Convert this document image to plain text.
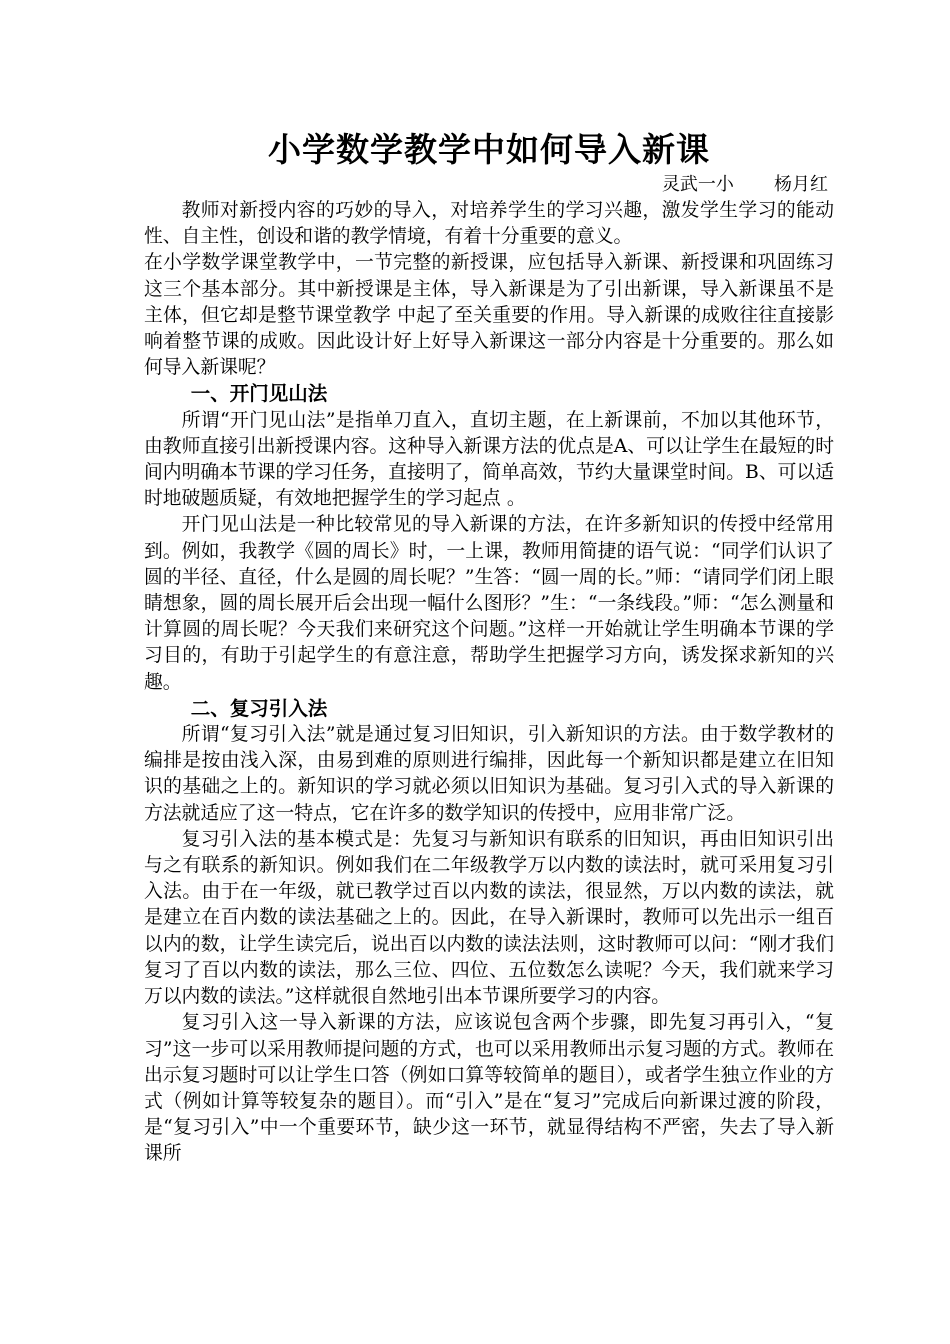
小学数学教学中如何导入新课
灵武一小       杨月红

教师对新授内容的巧妙的导入，对培养学生的学习兴趣，激发学生学习的能动性、自主性，创设和谐的教学情境，有着十分重要的意义。

在小学数学课堂教学中，一节完整的新授课，应包括导入新课、新授课和巩固练习这三个基本部分。其中新授课是主体，导入新课是为了引出新课，导入新课虽不是主体，但它却是整节课堂教学 中起了至关重要的作用。导入新课的成败往往直接影响着整节课的成败。因此设计好上好导入新课这一部分内容是十分重要的。那么如何导入新课呢？

一、开门见山法

所谓“开门见山法”是指单刀直入，直切主题，在上新课前，不加以其他环节，由教师直接引出新授课内容。这种导入新课方法的优点是A、可以让学生在最短的时间内明确本节课的学习任务，直接明了，简单高效，节约大量课堂时间。B、可以适时地破题质疑，有效地把握学生的学习起点 。

开门见山法是一种比较常见的导入新课的方法，在许多新知识的传授中经常用到。例如，我教学《圆的周长》时，一上课，教师用简捷的语气说：“同学们认识了圆的半径、直径，什么是圆的周长呢？”生答：“圆一周的长。”师：“请同学们闭上眼睛想象，圆的周长展开后会出现一幅什么图形？”生：“一条线段。”师：“怎么测量和计算圆的周长呢？今天我们来研究这个问题。”这样一开始就让学生明确本节课的学习目的，有助于引起学生的有意注意，帮助学生把握学习方向，诱发探求新知的兴趣。

二、复习引入法

所谓“复习引入法”就是通过复习旧知识，引入新知识的方法。由于数学教材的编排是按由浅入深，由易到难的原则进行编排，因此每一个新知识都是建立在旧知识的基础之上的。新知识的学习就必须以旧知识为基础。复习引入式的导入新课的方法就适应了这一特点，它在许多的数学知识的传授中，应用非常广泛。

复习引入法的基本模式是：先复习与新知识有联系的旧知识，再由旧知识引出与之有联系的新知识。例如我们在二年级教学万以内数的读法时，就可采用复习引入法。由于在一年级，就已教学过百以内数的读法，很显然，万以内数的读法，就是建立在百内数的读法基础之上的。因此，在导入新课时，教师可以先出示一组百以内的数，让学生读完后，说出百以内数的读法法则，这时教师可以问：“刚才我们复习了百以内数的读法，那么三位、四位、五位数怎么读呢？今天，我们就来学习万以内数的读法。”这样就很自然地引出本节课所要学习的内容。

复习引入这一导入新课的方法，应该说包含两个步骤，即先复习再引入，“复习”这一步可以采用教师提问题的方式，也可以采用教师出示复习题的方式。教师在出示复习题时可以让学生口答（例如口算等较简单的题目），或者学生独立作业的方式（例如计算等较复杂的题目）。而“引入”是在“复习”完成后向新课过渡的阶段，是“复习引入”中一个重要环节，缺少这一环节，就显得结构不严密，失去了导入新课所
